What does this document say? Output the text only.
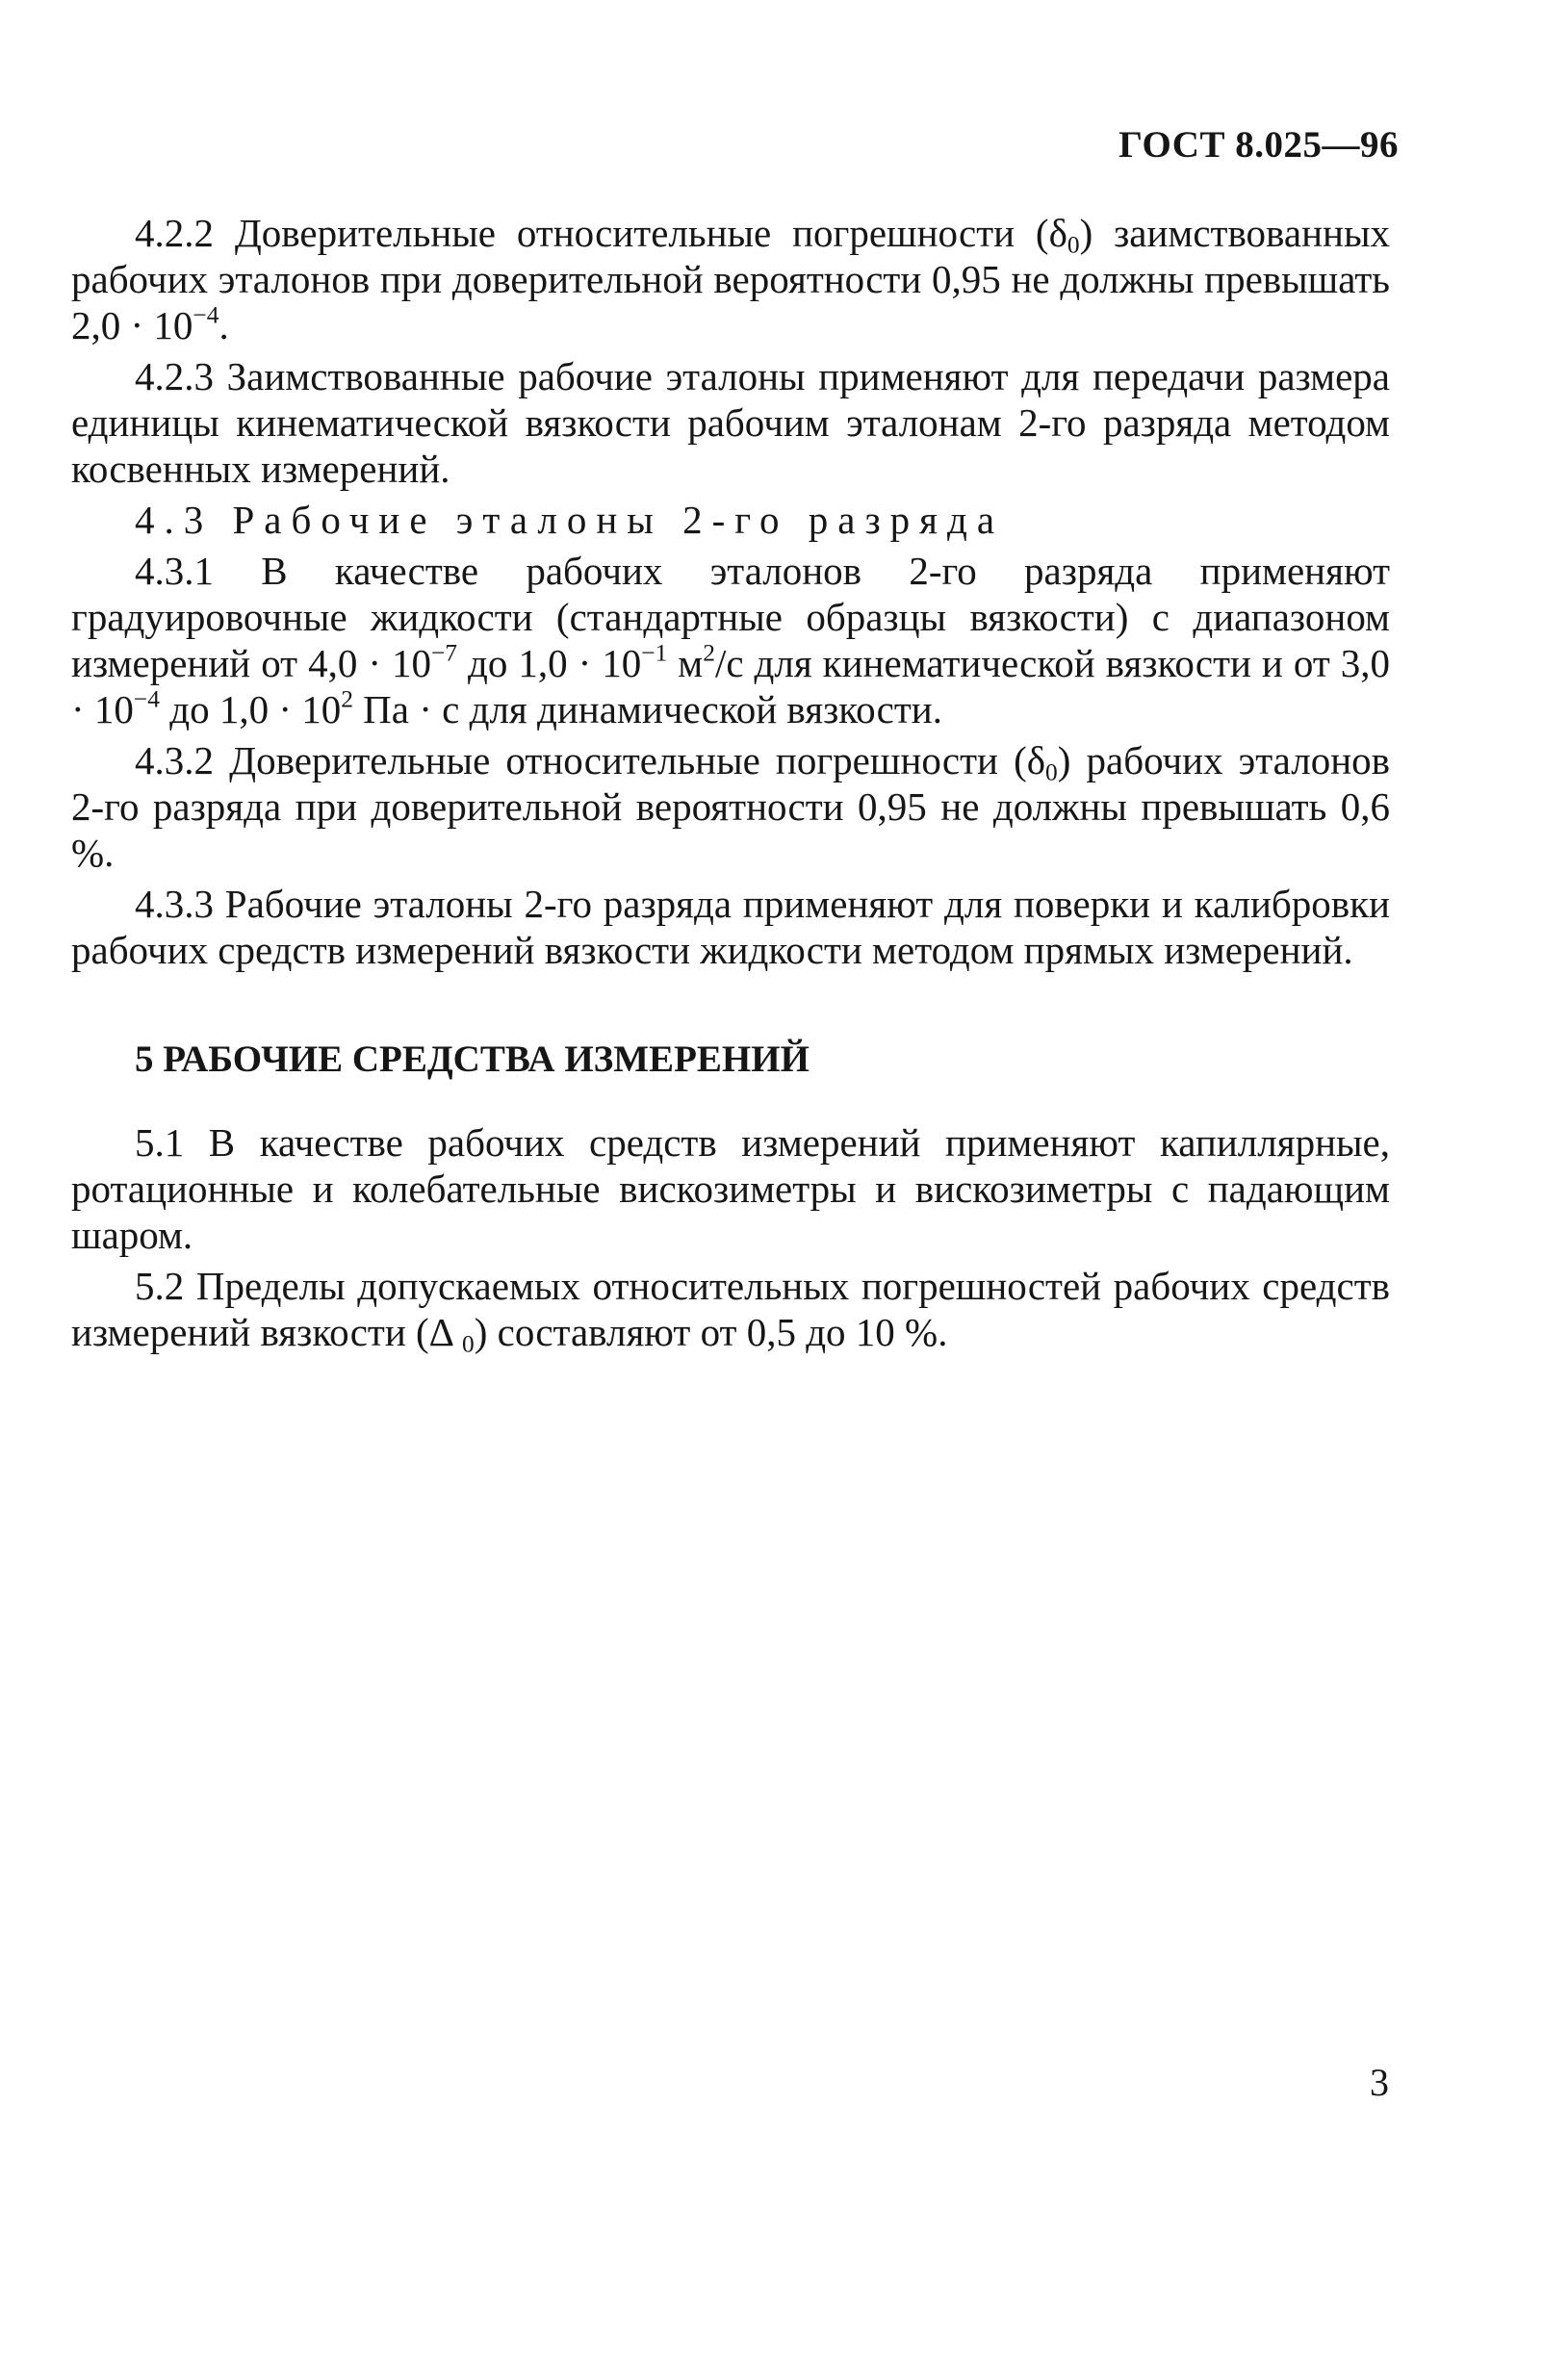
ГОСТ 8.025—96

4.2.2 Доверительные относительные погрешности $(\delta_0)$ заимствованных рабочих эталонов при доверительной вероятности 0,95 не должны превышать $2,0 \cdot 10^{-4}$.

4.2.3 Заимствованные рабочие эталоны применяют для передачи размера единицы кинематической вязкости рабочим эталонам 2-го разряда методом косвенных измерений.

4.3 Рабочие эталоны 2-го разряда

4.3.1 В качестве рабочих эталонов 2-го разряда применяют градуировочные жидкости (стандартные образцы вязкости) с диапазоном измерений от $4,0 \cdot 10^{-7}$ до $1,0 \cdot 10^{-1}$ $м^2/с$ для кинематической вязкости и от $3,0 \cdot 10^{-4}$ до $1,0 \cdot 10^2$ Па · с для динамической вязкости.

4.3.2 Доверительные относительные погрешности $(\delta_0)$ рабочих эталонов 2-го разряда при доверительной вероятности 0,95 не должны превышать 0,6 %.

4.3.3 Рабочие эталоны 2-го разряда применяют для поверки и калибровки рабочих средств измерений вязкости жидкости методом прямых измерений.

5 РАБОЧИЕ СРЕДСТВА ИЗМЕРЕНИЙ

5.1 В качестве рабочих средств измерений применяют капиллярные, ротационные и колебательные вискозиметры и вискозиметры с падающим шаром.

5.2 Пределы допускаемых относительных погрешностей рабочих средств измерений вязкости (Δ $_0$) составляют от 0,5 до 10 %.

3
